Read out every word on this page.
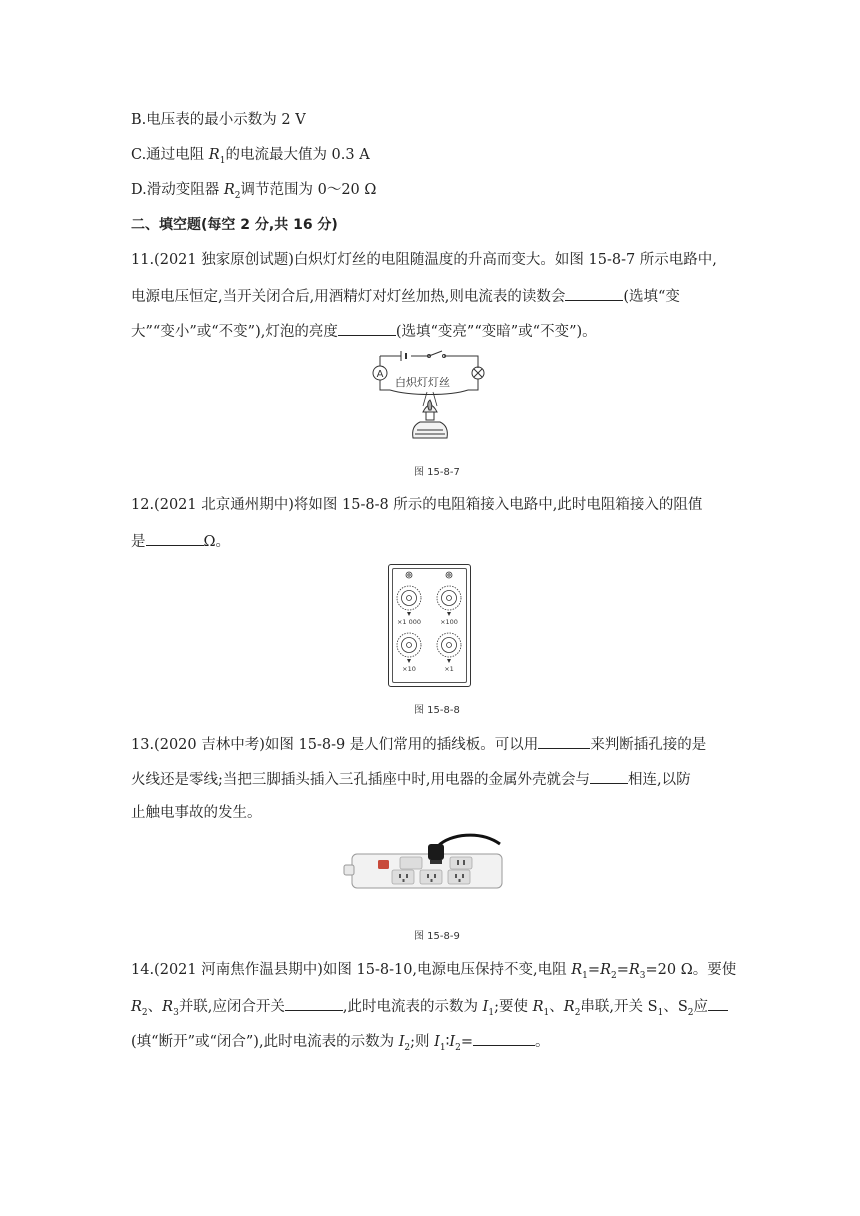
B.电压表的最小示数为 2 V
C.通过电阻 $R_1$的电流最大值为 0.3 A
D.滑动变阻器 $R_2$调节范围为 0～20 Ω
二、填空题(每空 2 分,共 16 分)
11.(2021 独家原创试题)白炽灯灯丝的电阻随温度的升高而变大。如图 15-8-7 所示电路中,
电源电压恒定,当开关闭合后,用酒精灯对灯丝加热,则电流表的读数会	(选填“变
大”“变小”或“不变”),灯泡的亮度	(选填“变亮”“变暗”或“不变”)。
A
白炽灯灯丝
图 15-8-7
12.(2021 北京通州期中)将如图 15-8-8 所示的电阻箱接入电路中,此时电阻箱接入的阻值
是	Ω。
×1 000	×100
×10	×1
图 15-8-8
13.(2020 吉林中考)如图 15-8-9 是人们常用的插线板。可以用	来判断插孔接的是
火线还是零线;当把三脚插头插入三孔插座中时,用电器的金属外壳就会与	相连,以防
止触电事故的发生。
图 15-8-9
14.(2021 河南焦作温县期中)如图 15-8-10,电源电压保持不变,电阻 $R_1=R_2=R_3=20$ Ω。要使
$R_2$、$R_3$并联,应闭合开关	,此时电流表的示数为 $I_1$;要使 $R_1$、$R_2$串联,开关 $S_1$、$S_2$应
(填“断开”或“闭合”),此时电流表的示数为 $I_2$;则 $I_1∶I_2=$	。
